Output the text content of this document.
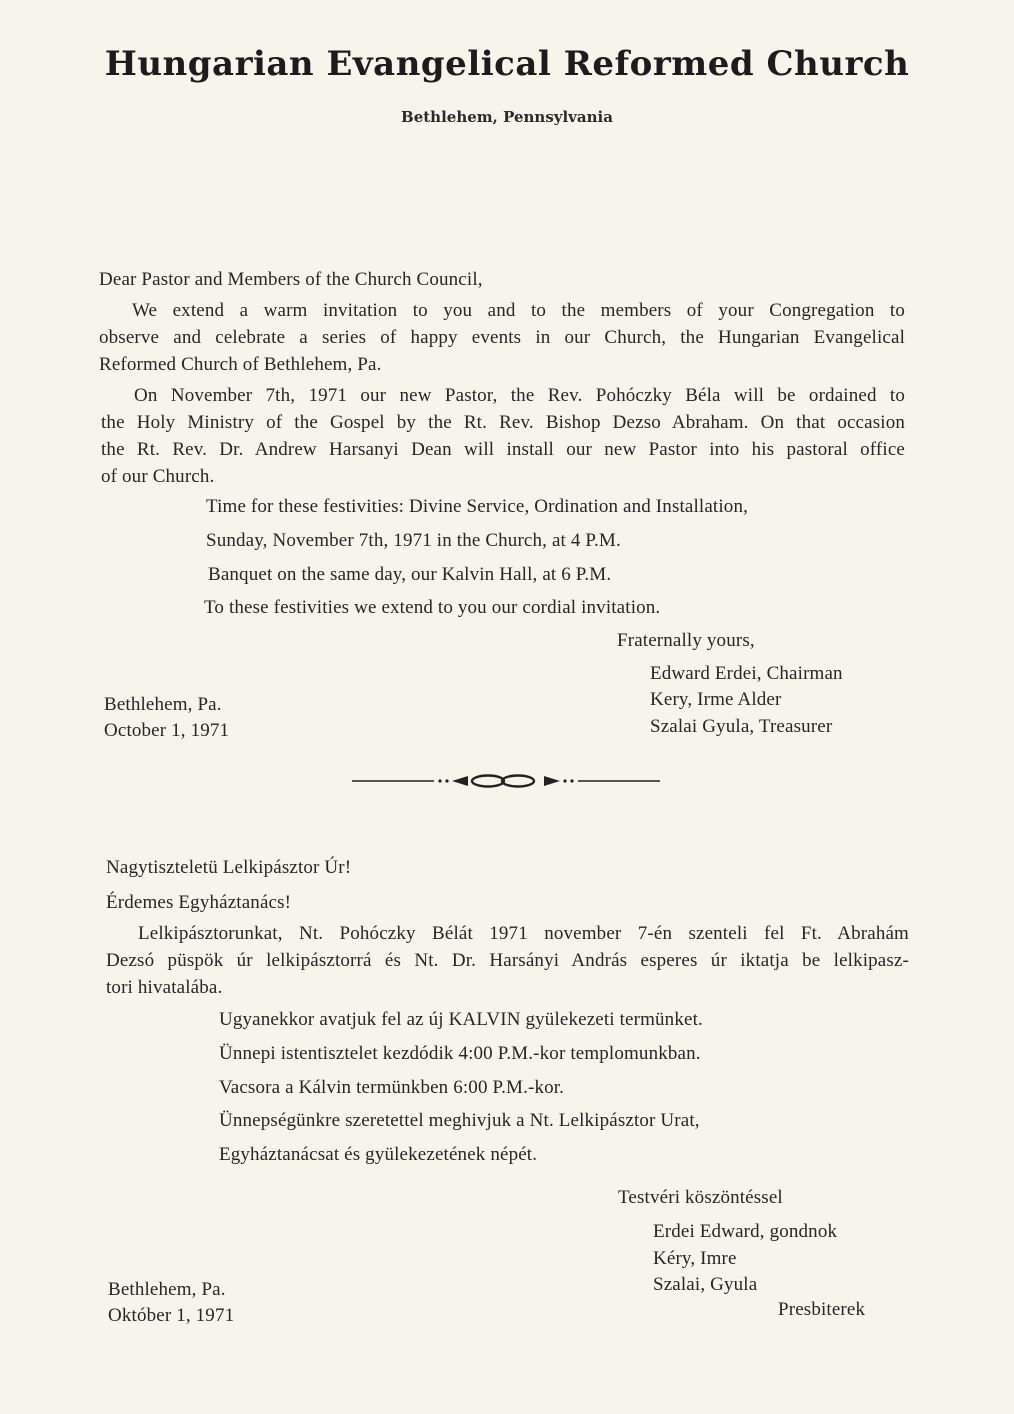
Hungarian Evangelical Reformed Church
Bethlehem, Pennsylvania
Dear Pastor and Members of the Church Council,
We extend a warm invitation to you and to the members of your Congregation to
observe and celebrate a series of happy events in our Church, the Hungarian Evangelical
Reformed Church of Bethlehem, Pa.
On November 7th, 1971 our new Pastor, the Rev. Pohóczky Béla will be ordained to
the Holy Ministry of the Gospel by the Rt. Rev. Bishop Dezso Abraham. On that occasion
the Rt. Rev. Dr. Andrew Harsanyi Dean will install our new Pastor into his pastoral office
of our Church.
Time for these festivities: Divine Service, Ordination and Installation,
Sunday, November 7th, 1971 in the Church, at 4 P.M.
Banquet on the same day, our Kalvin Hall, at 6 P.M.
To these festivities we extend to you our cordial invitation.
Fraternally yours,
Edward Erdei, Chairman
Kery, Irme Alder
Szalai Gyula, Treasurer
Bethlehem, Pa.
October 1, 1971
Nagytiszteletü Lelkipásztor Úr!
Érdemes Egyháztanács!
Lelkipásztorunkat, Nt. Pohóczky Bélát 1971 november 7-én szenteli fel Ft. Abrahám
Dezsó püspök úr lelkipásztorrá és Nt. Dr. Harsányi András esperes úr iktatja be lelkipasz-
tori hivatalába.
Ugyanekkor avatjuk fel az új KALVIN gyülekezeti termünket.
Ünnepi istentisztelet kezdódik 4:00 P.M.-kor templomunkban.
Vacsora a Kálvin termünkben 6:00 P.M.-kor.
Ünnepségünkre szeretettel meghivjuk a Nt. Lelkipásztor Urat,
Egyháztanácsat és gyülekezetének népét.
Testvéri köszöntéssel
Erdei Edward, gondnok
Kéry, Imre
Szalai, Gyula
Presbiterek
Bethlehem, Pa.
Október 1, 1971
